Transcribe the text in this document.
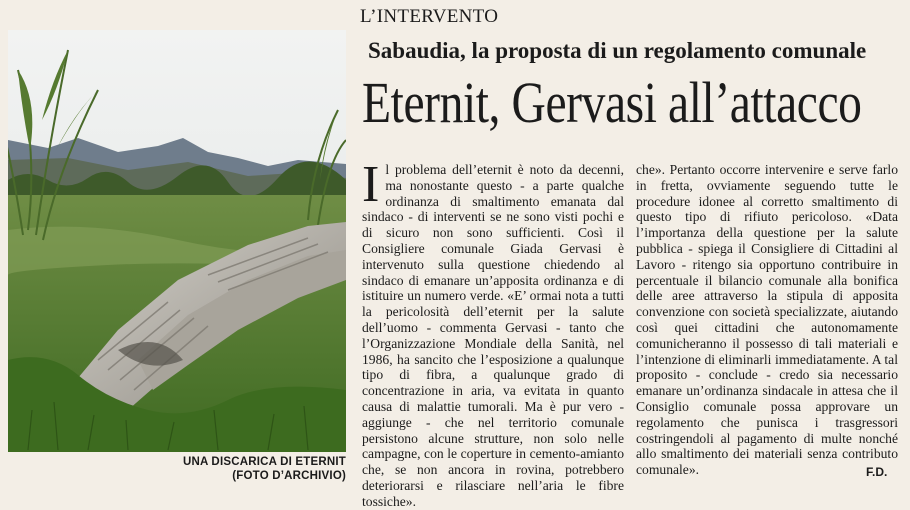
UNA DISCARICA DI ETERNIT
(FOTO D’ARCHIVIO)
L’INTERVENTO
Sabaudia, la proposta di un regolamento comunale
Eternit, Gervasi all’attacco
I l problema dell’eternit è noto da decenni, ma nonostante questo - a parte qualche ordinanza di smaltimento emanata dal sindaco - di interventi se ne sono visti pochi e di sicuro non sono sufficienti. Così il Consigliere comunale Giada Gervasi è intervenuto sulla questione chiedendo al sindaco di emanare un’apposita ordinanza e di istituire un numero verde. «E’ ormai nota a tutti la pericolosità dell’eternit per la salute dell’uomo - commenta Gervasi - tanto che l’Organizzazione Mondiale della Sanità, nel 1986, ha sancito che l’esposizione a qualunque tipo di fibra, a qualunque grado di concentrazione in aria, va evitata in quanto causa di malattie tumorali. Ma è pur vero - aggiunge - che nel territorio comunale persistono alcune strutture, non solo nelle campagne, con le coperture in cemento-amianto che, se non ancora in rovina, potrebbero deteriorarsi e rilasciare nell’aria le fibre tossiche».

che». Pertanto occorre intervenire e serve farlo in fretta, ovviamente seguendo tutte le procedure idonee al corretto smaltimento di questo tipo di rifiuto pericoloso. «Data l’importanza della questione per la salute pubblica - spiega il Consigliere di Cittadini al Lavoro - ritengo sia opportuno contribuire in percentuale il bilancio comunale alla bonifica delle aree attraverso la stipula di apposita convenzione con società specializzate, aiutando così quei cittadini che autonomamente comunicheranno il possesso di tali materiali e l’intenzione di eliminarli immediatamente. A tal proposito - conclude - credo sia necessario emanare un’ordinanza sindacale in attesa che il Consiglio comunale possa approvare un regolamento che punisca i trasgressori costringendoli al pagamento di multe nonché allo smaltimento dei materiali senza contributo comunale».	F.D.
